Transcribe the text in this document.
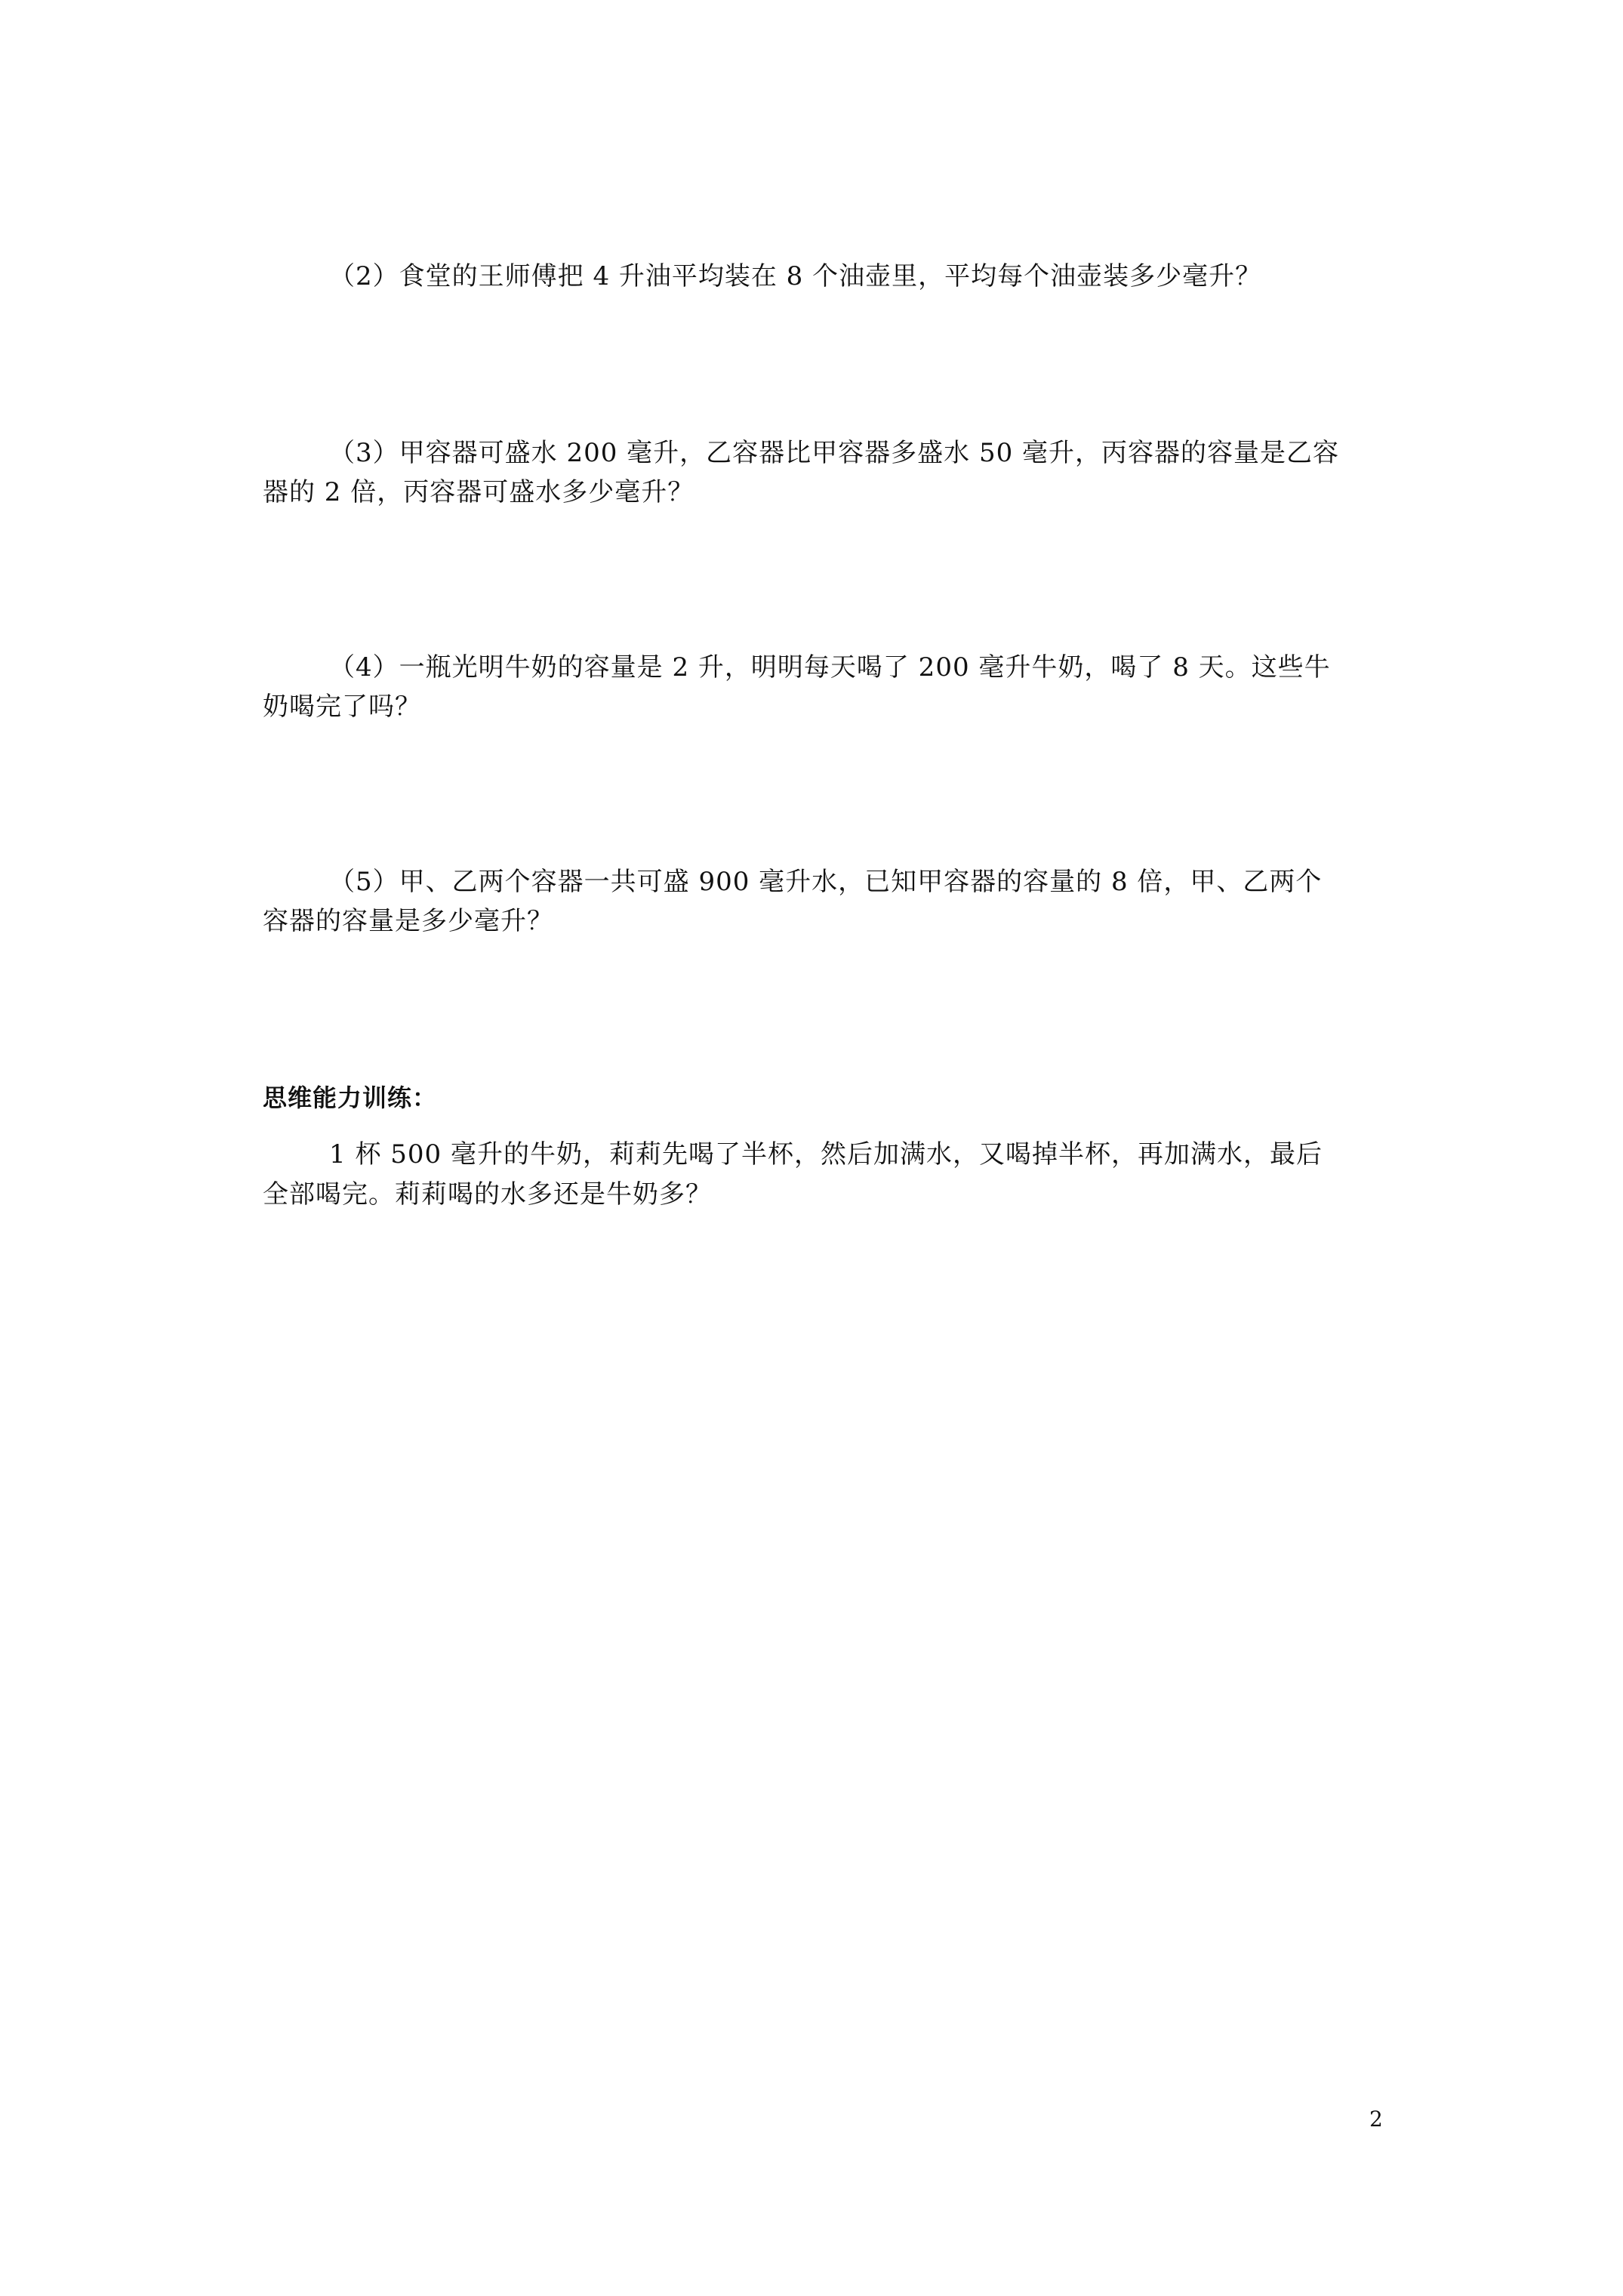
（2）食堂的王师傅把 4 升油平均装在 8 个油壶里，平均每个油壶装多少毫升？
（3）甲容器可盛水 200 毫升，乙容器比甲容器多盛水 50 毫升，丙容器的容量是乙容
器的 2 倍，丙容器可盛水多少毫升？
（4）一瓶光明牛奶的容量是 2 升，明明每天喝了 200 毫升牛奶，喝了 8 天。这些牛
奶喝完了吗？
（5）甲、乙两个容器一共可盛 900 毫升水，已知甲容器的容量的 8 倍，甲、乙两个
容器的容量是多少毫升？
思维能力训练：
1 杯 500 毫升的牛奶，莉莉先喝了半杯，然后加满水，又喝掉半杯，再加满水，最后
全部喝完。莉莉喝的水多还是牛奶多？
2
